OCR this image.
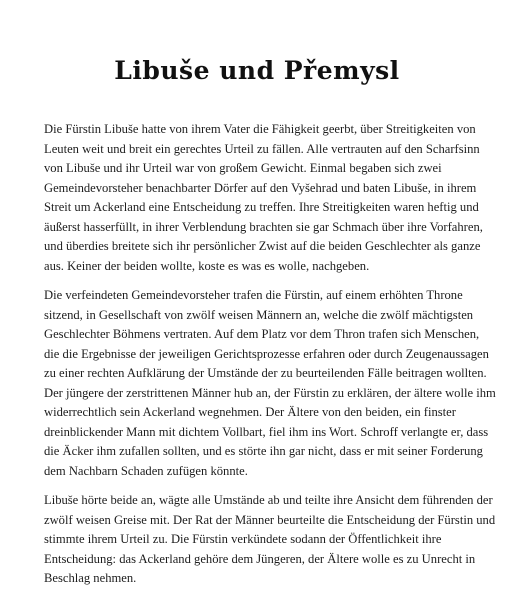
Libuše und Přemysl

Die Fürstin Libuše hatte von ihrem Vater die Fähigkeit geerbt, über Streitigkeiten von Leuten weit und breit ein gerechtes Urteil zu fällen. Alle vertrauten auf den Scharfsinn von Libuše und ihr Urteil war von großem Gewicht. Einmal begaben sich zwei Gemeindevorsteher benachbarter Dörfer auf den Vyšehrad und baten Libuše, in ihrem Streit um Ackerland eine Entscheidung zu treffen. Ihre Streitigkeiten waren heftig und äußerst hasserfüllt, in ihrer Verblendung brachten sie gar Schmach über ihre Vorfahren, und überdies breitete sich ihr persönlicher Zwist auf die beiden Geschlechter als ganze aus. Keiner der beiden wollte, koste es was es wolle, nachgeben.

Die verfeindeten Gemeindevorsteher trafen die Fürstin, auf einem erhöhten Throne sitzend, in Gesellschaft von zwölf weisen Männern an, welche die zwölf mächtigsten Geschlechter Böhmens vertraten. Auf dem Platz vor dem Thron trafen sich Menschen, die die Ergebnisse der jeweiligen Gerichtsprozesse erfahren oder durch Zeugenaussagen zu einer rechten Aufklärung der Umstände der zu beurteilenden Fälle beitragen wollten. Der jüngere der zerstrittenen Männer hub an, der Fürstin zu erklären, der ältere wolle ihm widerrechtlich sein Ackerland wegnehmen. Der Ältere von den beiden, ein finster dreinblickender Mann mit dichtem Vollbart, fiel ihm ins Wort. Schroff verlangte er, dass die Äcker ihm zufallen sollten, und es störte ihn gar nicht, dass er mit seiner Forderung dem Nachbarn Schaden zufügen könnte.

Libuše hörte beide an, wägte alle Umstände ab und teilte ihre Ansicht dem führenden der zwölf weisen Greise mit. Der Rat der Männer beurteilte die Entscheidung der Fürstin und stimmte ihrem Urteil zu. Die Fürstin verkündete sodann der Öffentlichkeit ihre Entscheidung: das Ackerland gehöre dem Jüngeren, der Ältere wolle es zu Unrecht in Beschlag nehmen.
